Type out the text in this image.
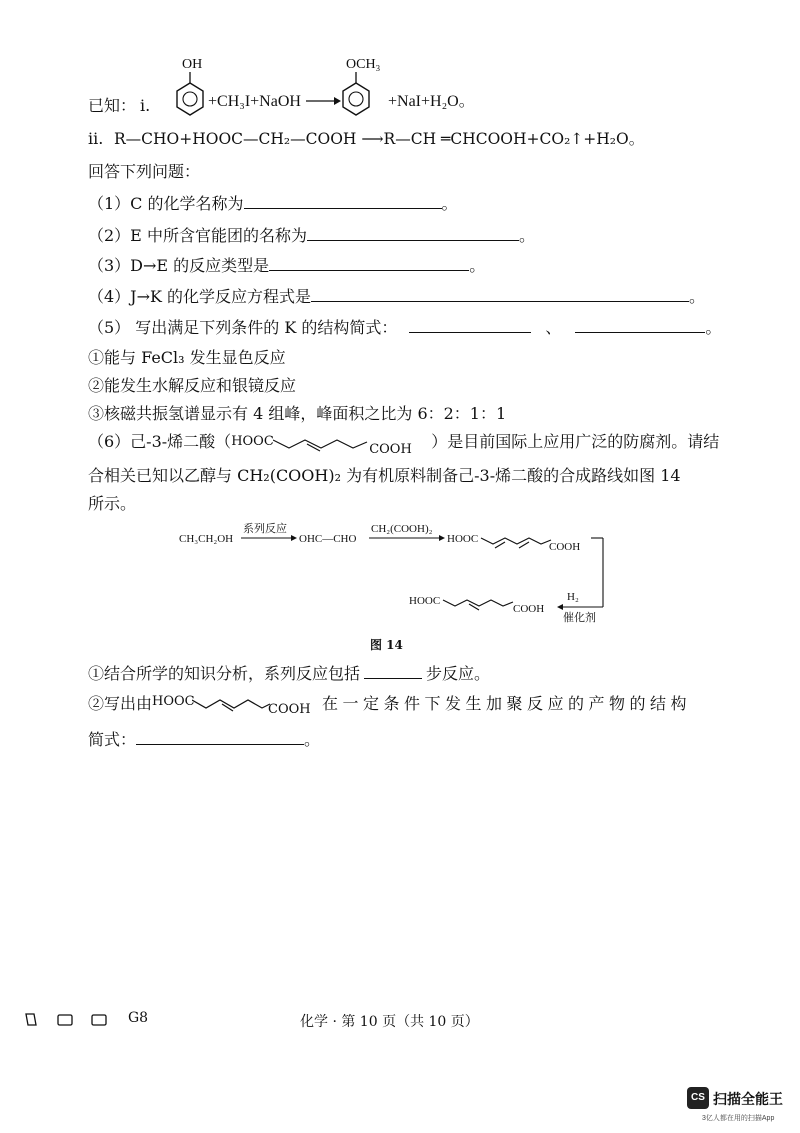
已知： ⅰ.
OH
+CH₃I+NaOH
OCH₃
+NaI+H₂O。
ⅱ. R—CHO+HOOC—CH₂—COOH ⟶R—CH ═CHCOOH+CO₂↑+H₂O。
回答下列问题：
（1）C 的化学名称为	。
（2）E 中所含官能团的名称为	。
（3）D→E 的反应类型是	。
（4）J→K 的化学反应方程式是	。
（5） 写出满足下列条件的 K 的结构简式：	、	。
①能与 FeCl₃ 发生显色反应
②能发生水解反应和银镜反应
③核磁共振氢谱显示有 4 组峰，峰面积之比为 6：2：1：1
（6）己-3-烯二酸（ HOOC
COOH ）是目前国际上应用广泛的防腐剂。请结
合相关已知以乙醇与 CH₂(COOH)₂ 为有机原料制备己-3-烯二酸的合成路线如图 14
所示。
CH₃CH₂OH
系列反应
OHC—CHO
CH₂(COOH)₂
HOOC
COOH
H₂
催化剂
HOOC
COOH
图 14
①结合所学的知识分析，系列反应包括	步反应。
②写出由 HOOC
COOH 在一定条件下发生加聚反应的产物的结构
简式：	。
G8	化学 · 第 10 页（共 10 页）
CS 扫描全能王
3亿人都在用的扫描App
